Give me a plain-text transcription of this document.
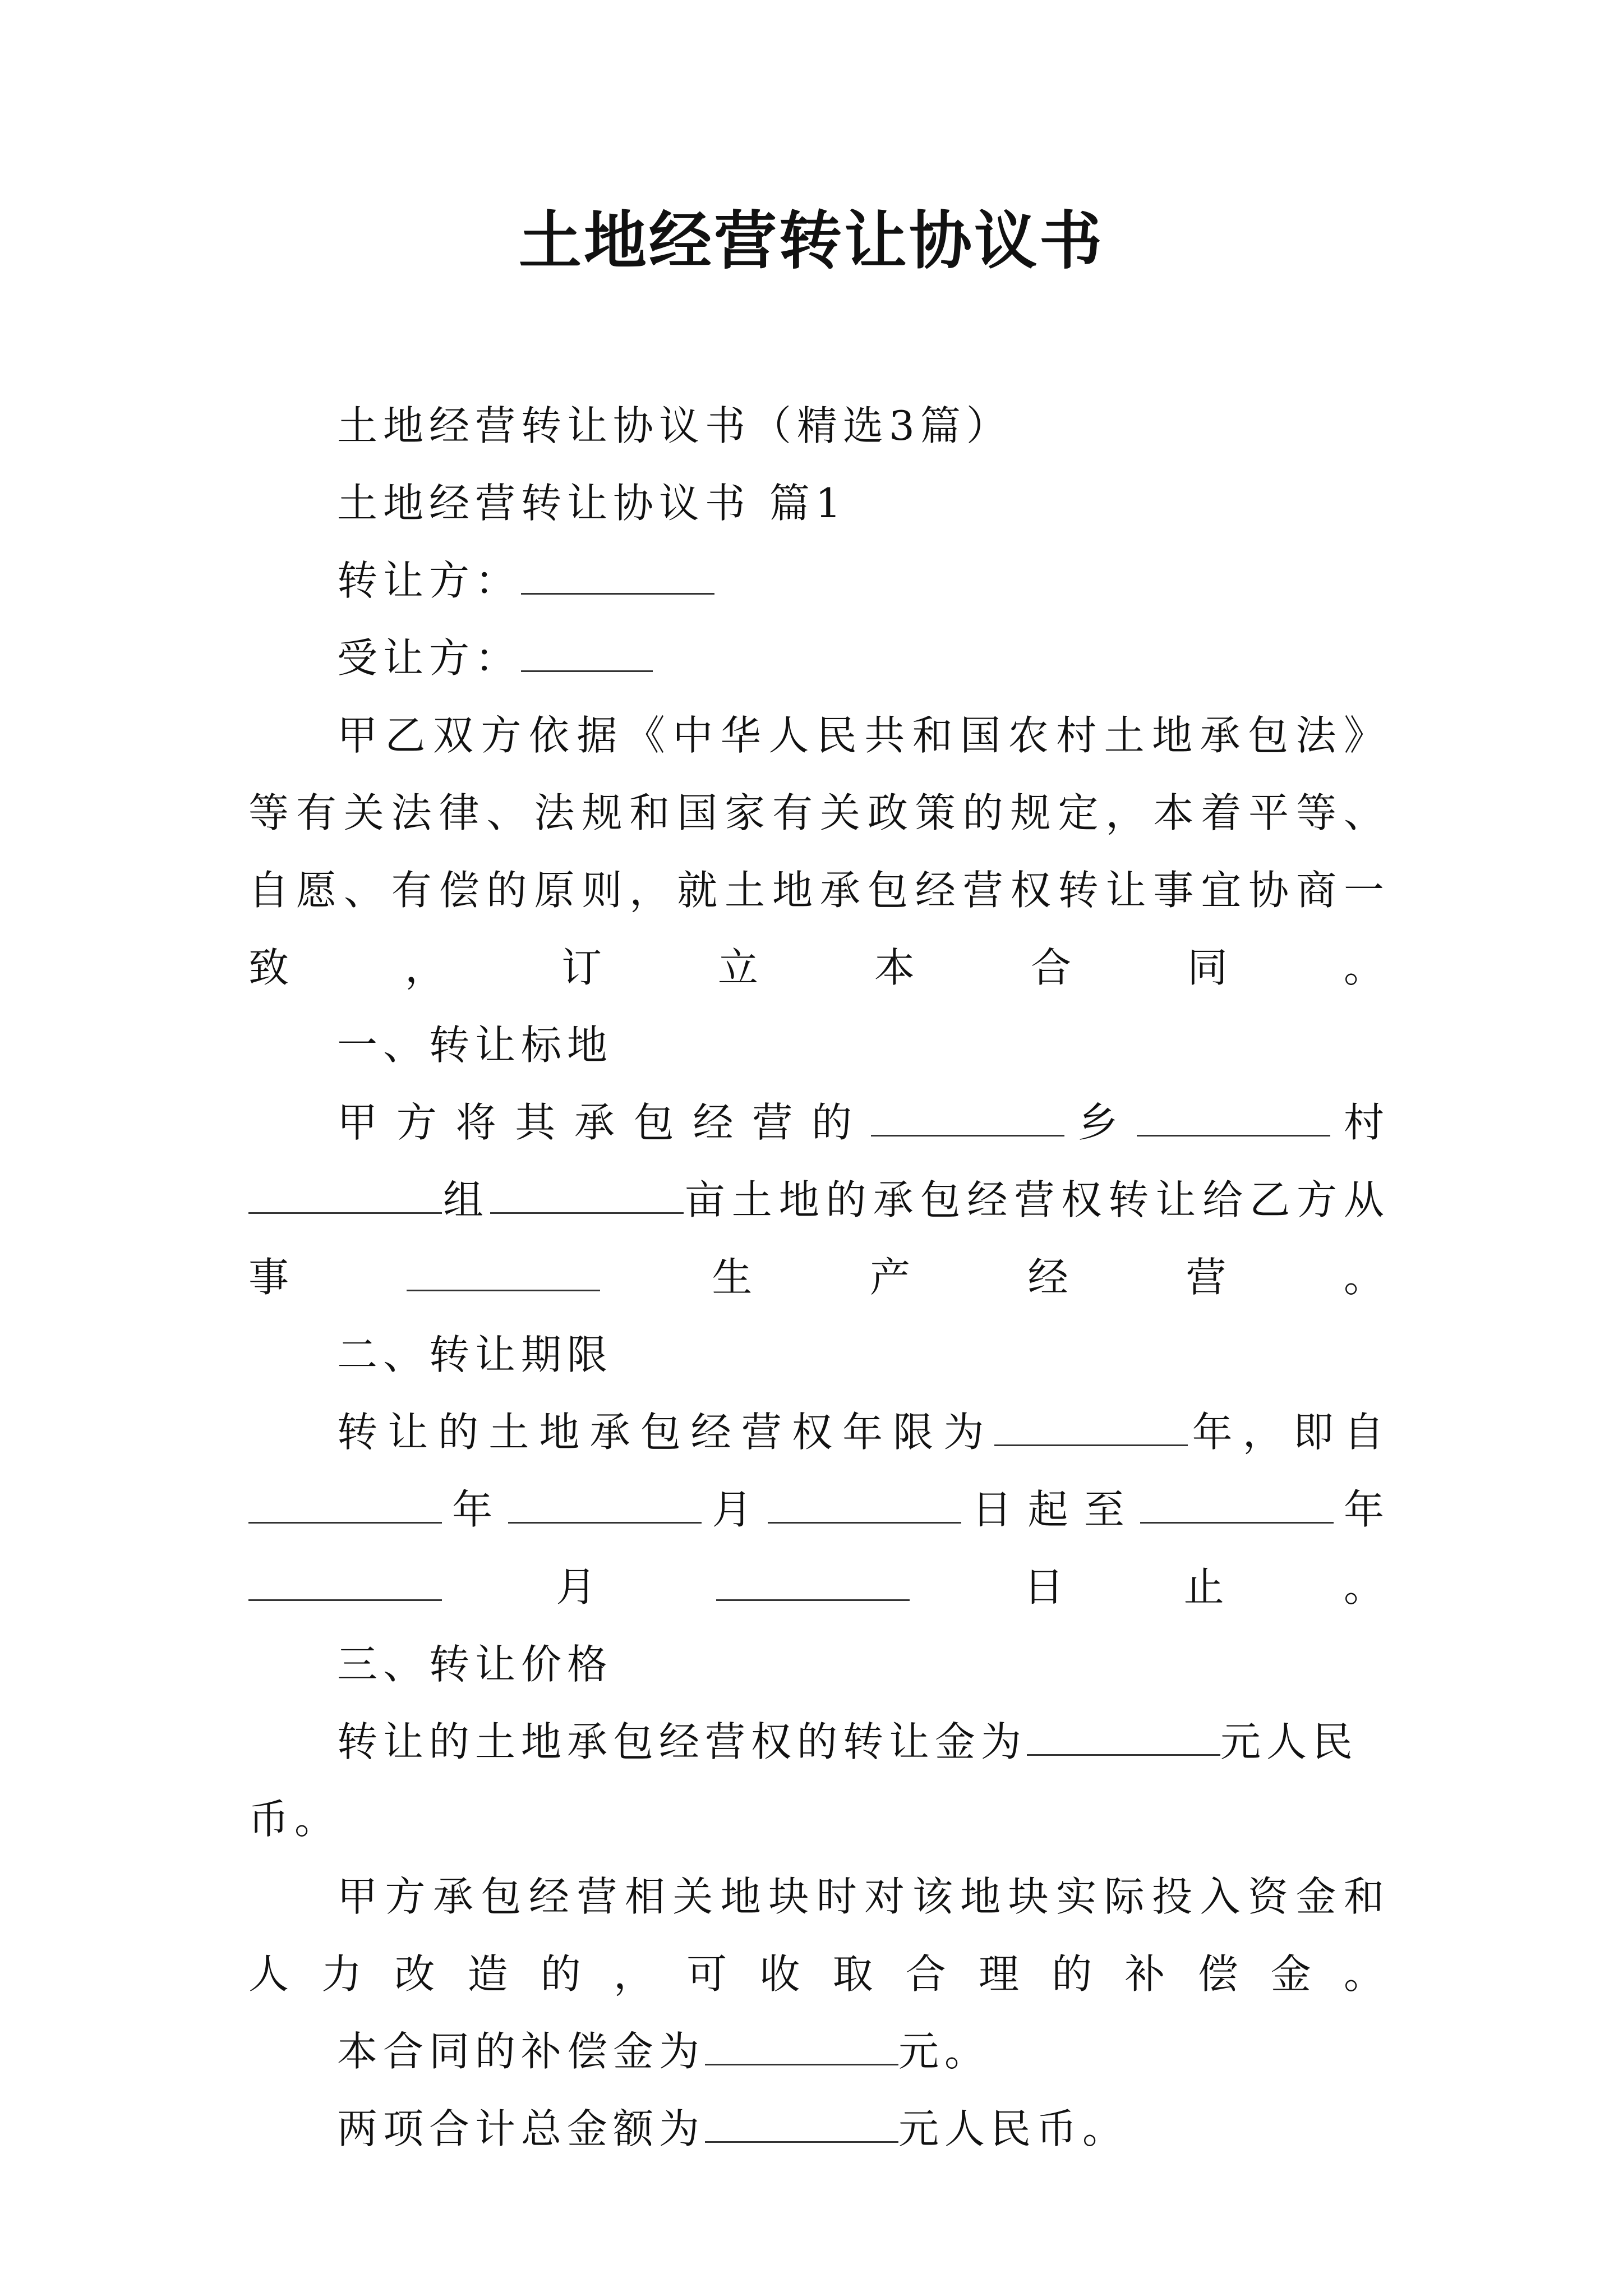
土地经营转让协议书

土地经营转让协议书（精选3篇）

土地经营转让协议书 篇1

转让方：

受让方：

甲乙双方依据《中华人民共和国农村土地承包法》等有关法律、法规和国家有关政策的规定，本着平等、自愿、有偿的原则，就土地承包经营权转让事宜协商一致，订立本合同。

一、转让标地

甲方将其承包经营的	乡	村组	亩土地的承包经营权转让给乙方从事	生产经营。

二、转让期限

转让的土地承包经营权年限为	年，即自年	月	日起至	年月	日止。

三、转让价格

转让的土地承包经营权的转让金为	元人民币。

甲方承包经营相关地块时对该地块实际投入资金和人力改造的，可收取合理的补偿金。

本合同的补偿金为	元。

两项合计总金额为	元人民币。
